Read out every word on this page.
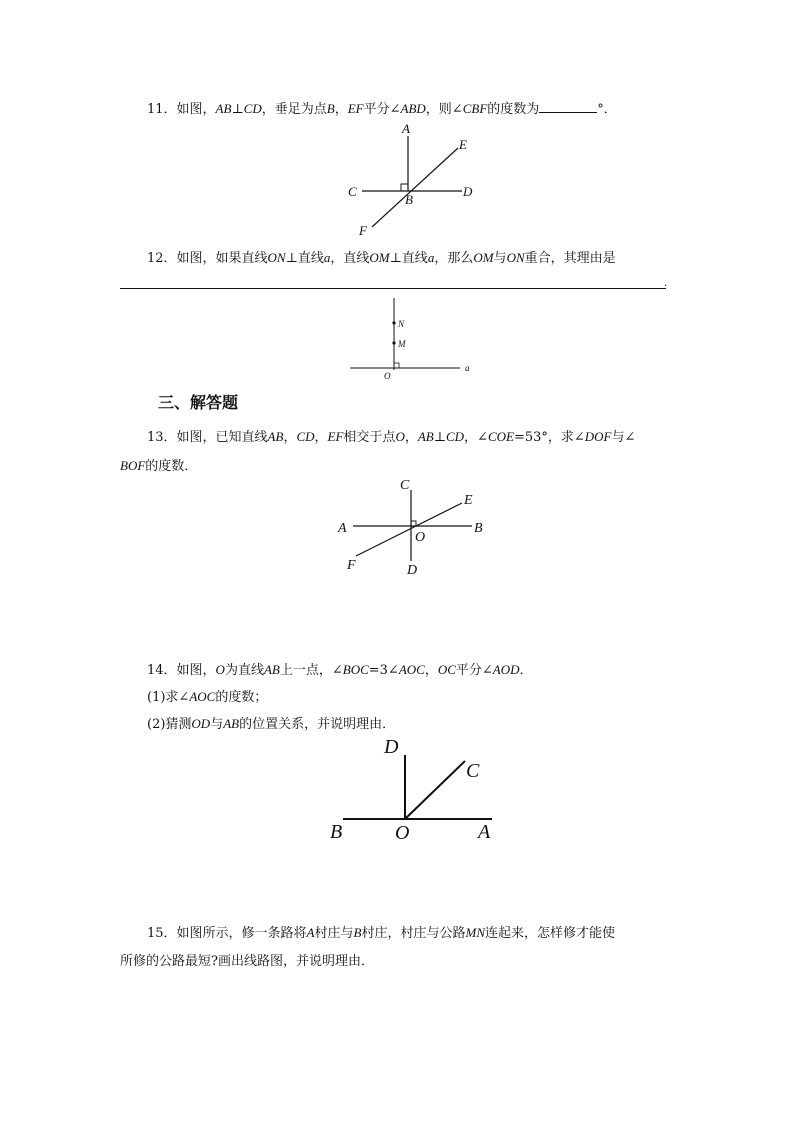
11．如图，AB⊥CD，垂足为点B，EF平分∠ABD，则∠CBF的度数为	°．
A
E
C	D
B
F
12．如图，如果直线ON⊥直线a，直线OM⊥直线a，那么OM与ON重合，其理由是
.
N
M
O
a
三、解答题
13．如图，已知直线AB，CD，EF相交于点O，AB⊥CD，∠COE=53°，求∠DOF与∠
BOF的度数．
C
E
A	B
O
F	D
14．如图，O为直线AB上一点，∠BOC=3∠AOC，OC平分∠AOD．
(1)求∠AOC的度数；
(2)猜测OD与AB的位置关系，并说明理由．
D
C
B	O	A
15．如图所示，修一条路将A村庄与B村庄，村庄与公路MN连起来，怎样修才能使
所修的公路最短?画出线路图，并说明理由．
